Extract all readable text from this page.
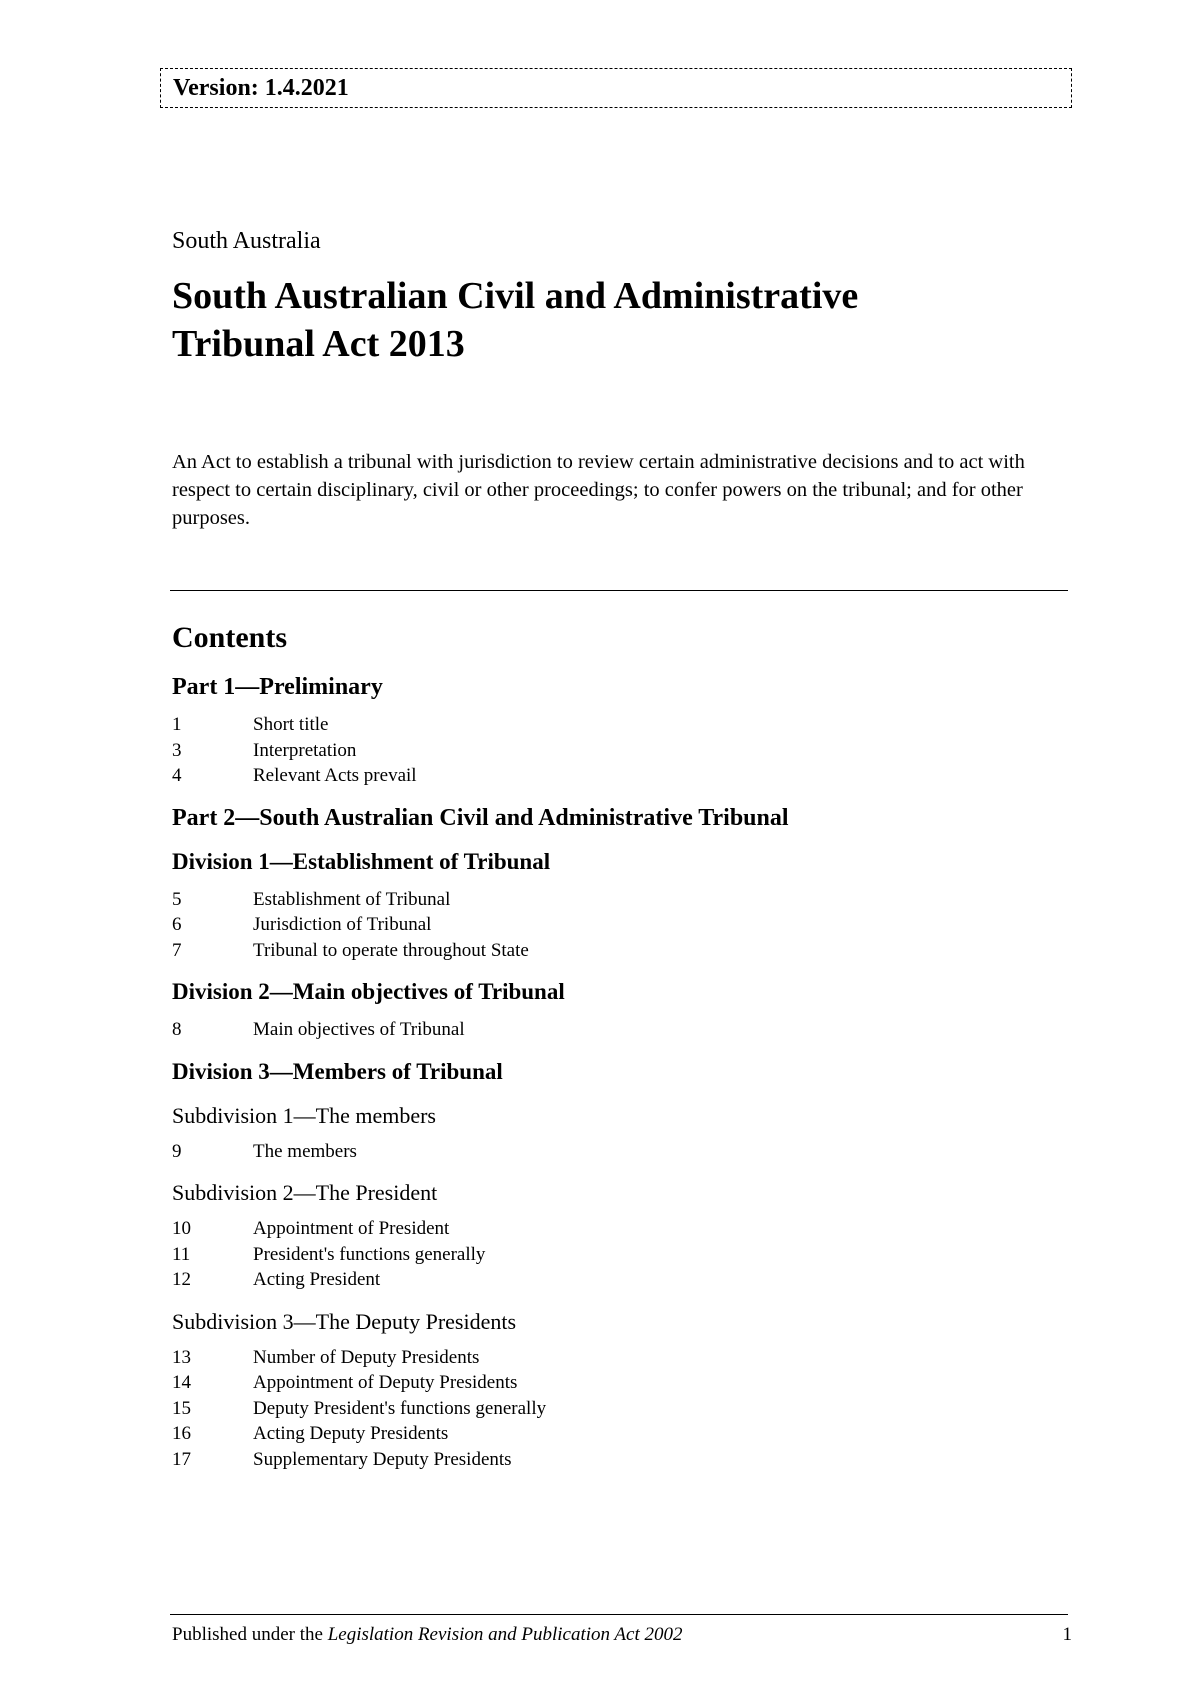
Version: 1.4.2021
South Australia
South Australian Civil and Administrative
Tribunal Act 2013
An Act to establish a tribunal with jurisdiction to review certain administrative decisions and to act with respect to certain disciplinary, civil or other proceedings; to confer powers on the tribunal; and for other purposes.
Contents
Part 1—Preliminary
1	Short title
3	Interpretation
4	Relevant Acts prevail
Part 2—South Australian Civil and Administrative Tribunal
Division 1—Establishment of Tribunal
5	Establishment of Tribunal
6	Jurisdiction of Tribunal
7	Tribunal to operate throughout State
Division 2—Main objectives of Tribunal
8	Main objectives of Tribunal
Division 3—Members of Tribunal
Subdivision 1—The members
9	The members
Subdivision 2—The President
10	Appointment of President
11	President's functions generally
12	Acting President
Subdivision 3—The Deputy Presidents
13	Number of Deputy Presidents
14	Appointment of Deputy Presidents
15	Deputy President's functions generally
16	Acting Deputy Presidents
17	Supplementary Deputy Presidents
Published under the Legislation Revision and Publication Act 2002	1
